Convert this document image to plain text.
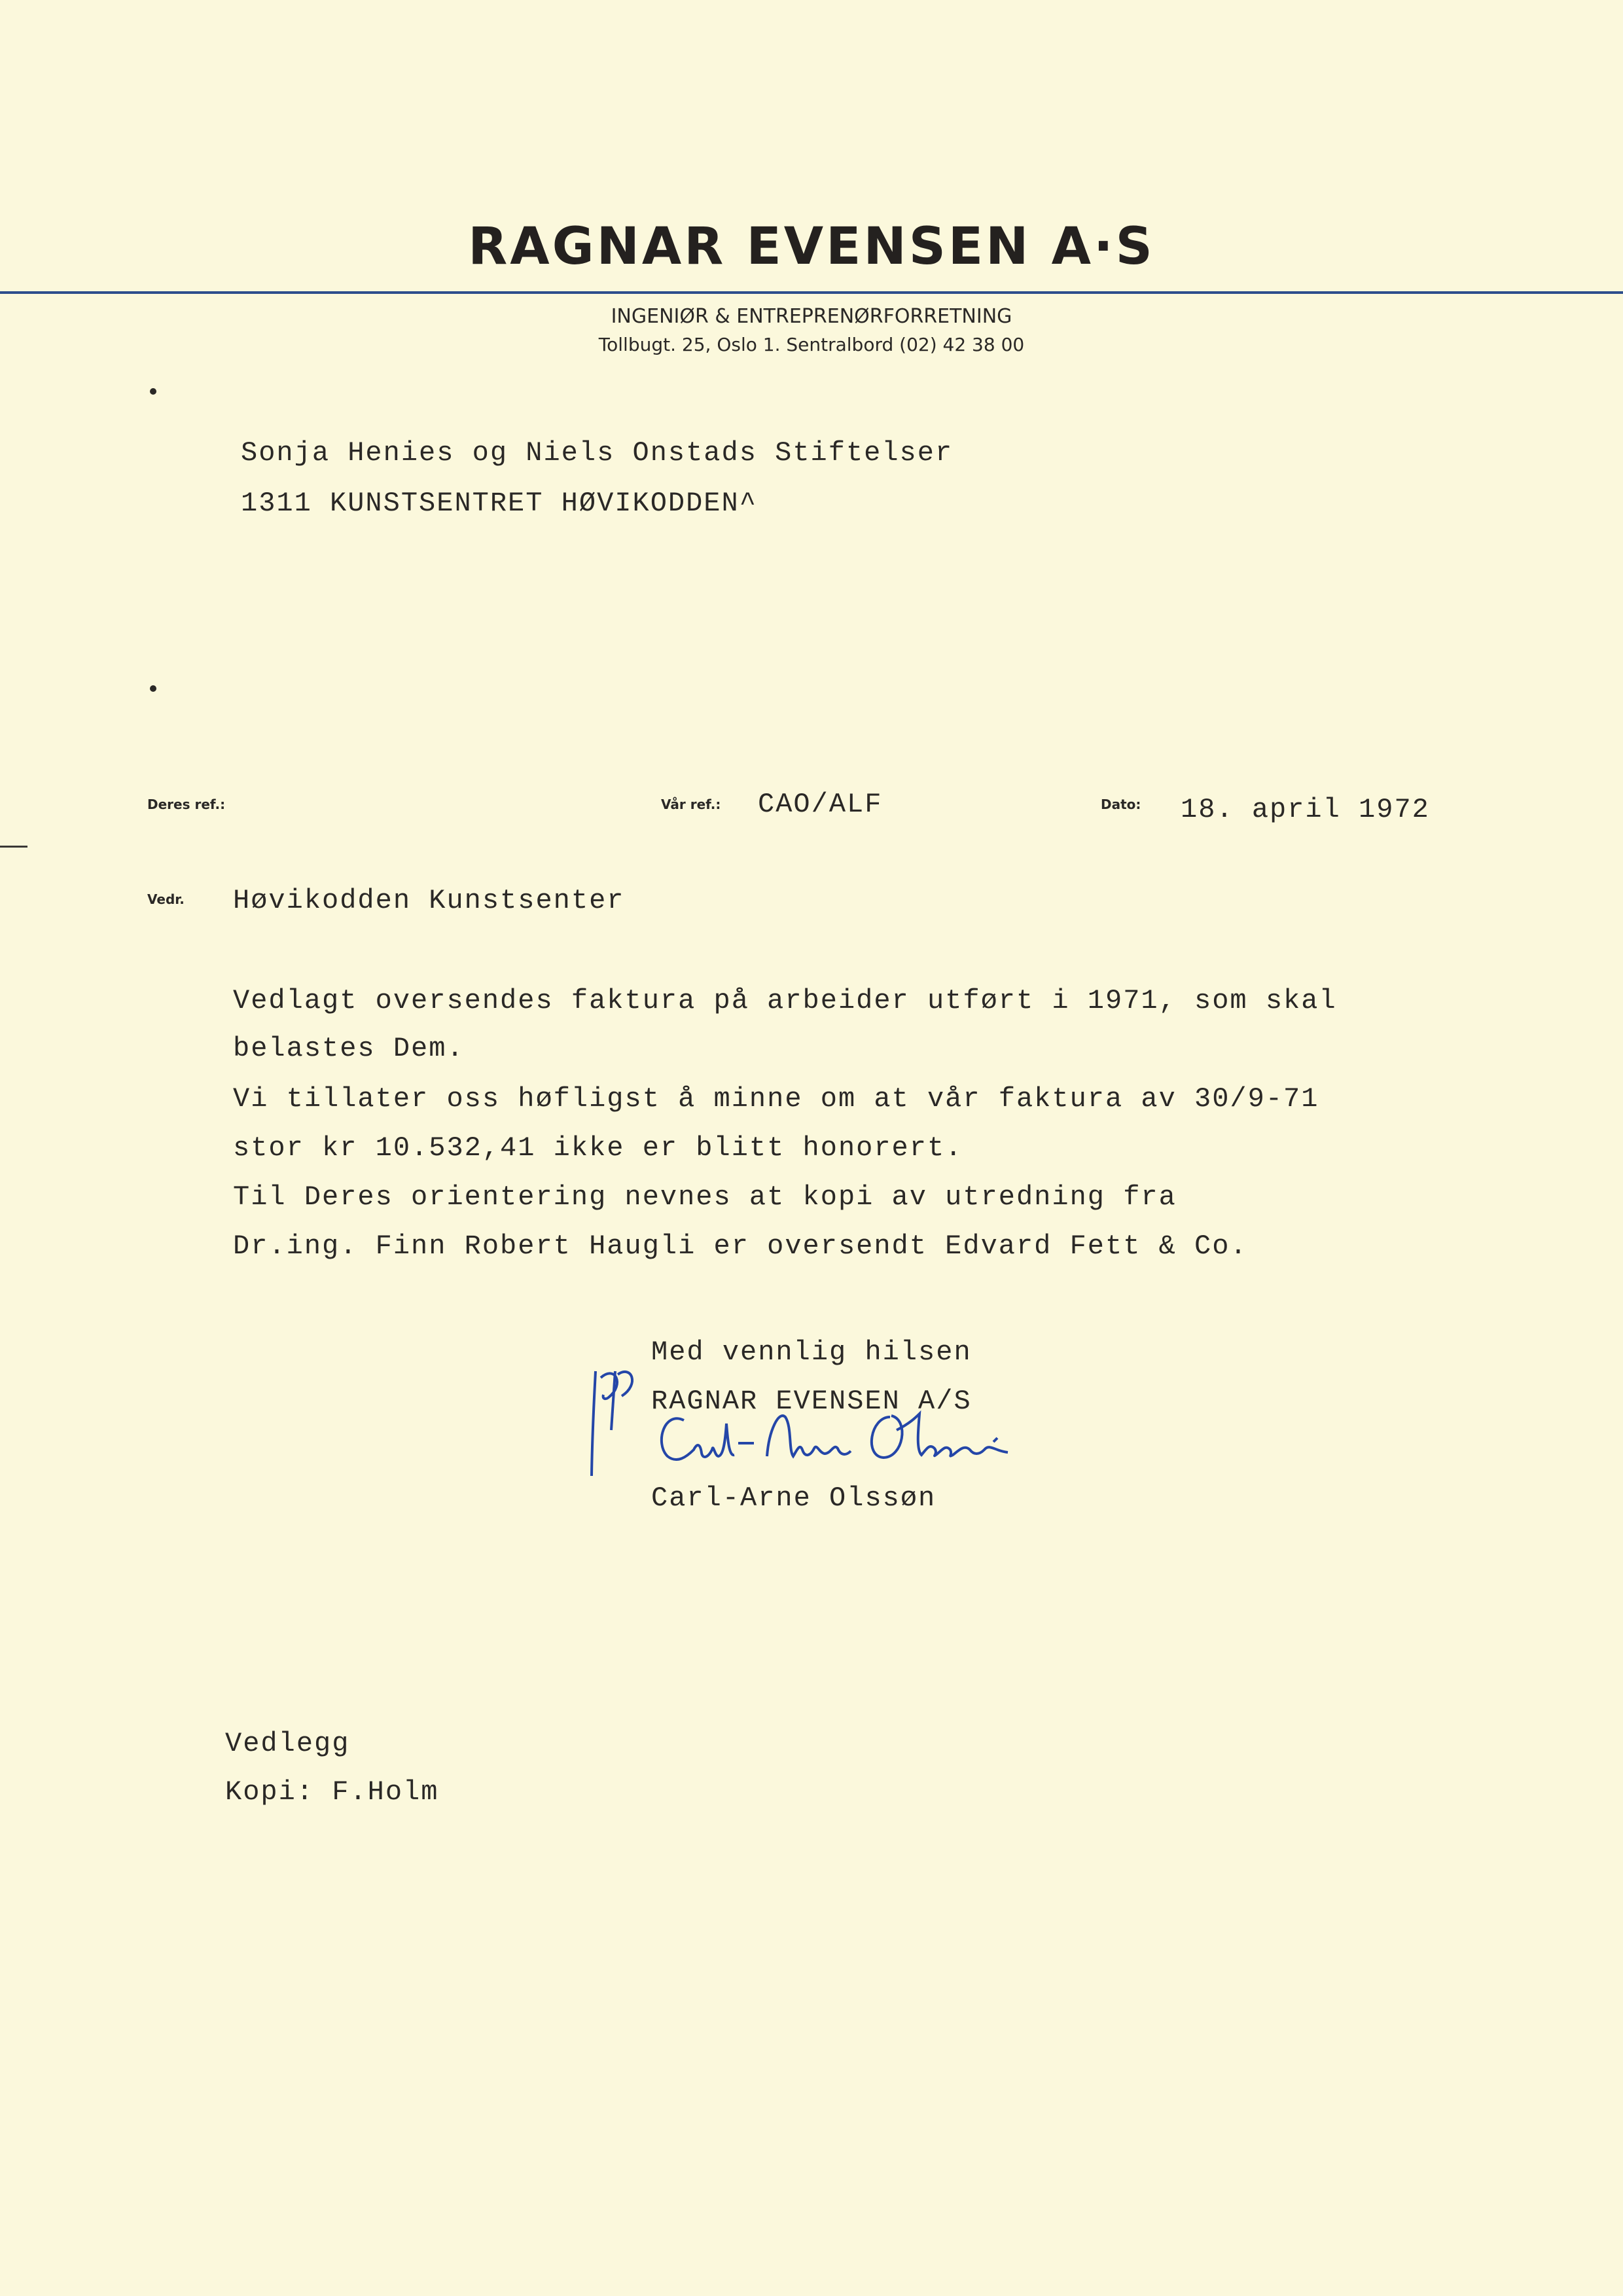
RAGNAR EVENSEN A·S
INGENIØR & ENTREPRENØRFORRETNING
Tollbugt. 25, Oslo 1. Sentralbord (02) 42 38 00
Sonja Henies og Niels Onstads Stiftelser
1311 KUNSTSENTRET HØVIKODDEN^
Deres ref.:	Vår ref.: CAO/ALF	Dato: 18. april 1972
Vedr. Høvikodden Kunstsenter
Vedlagt oversendes faktura på arbeider utført i 1971, som skal
belastes Dem.
Vi tillater oss høfligst å minne om at vår faktura av 30/9-71
stor kr 10.532,41 ikke er blitt honorert.
Til Deres orientering nevnes at kopi av utredning fra
Dr.ing. Finn Robert Haugli er oversendt Edvard Fett & Co.
Med vennlig hilsen
RAGNAR EVENSEN A/S
Carl-Arne Olssøn
Vedlegg
Kopi: F.Holm
